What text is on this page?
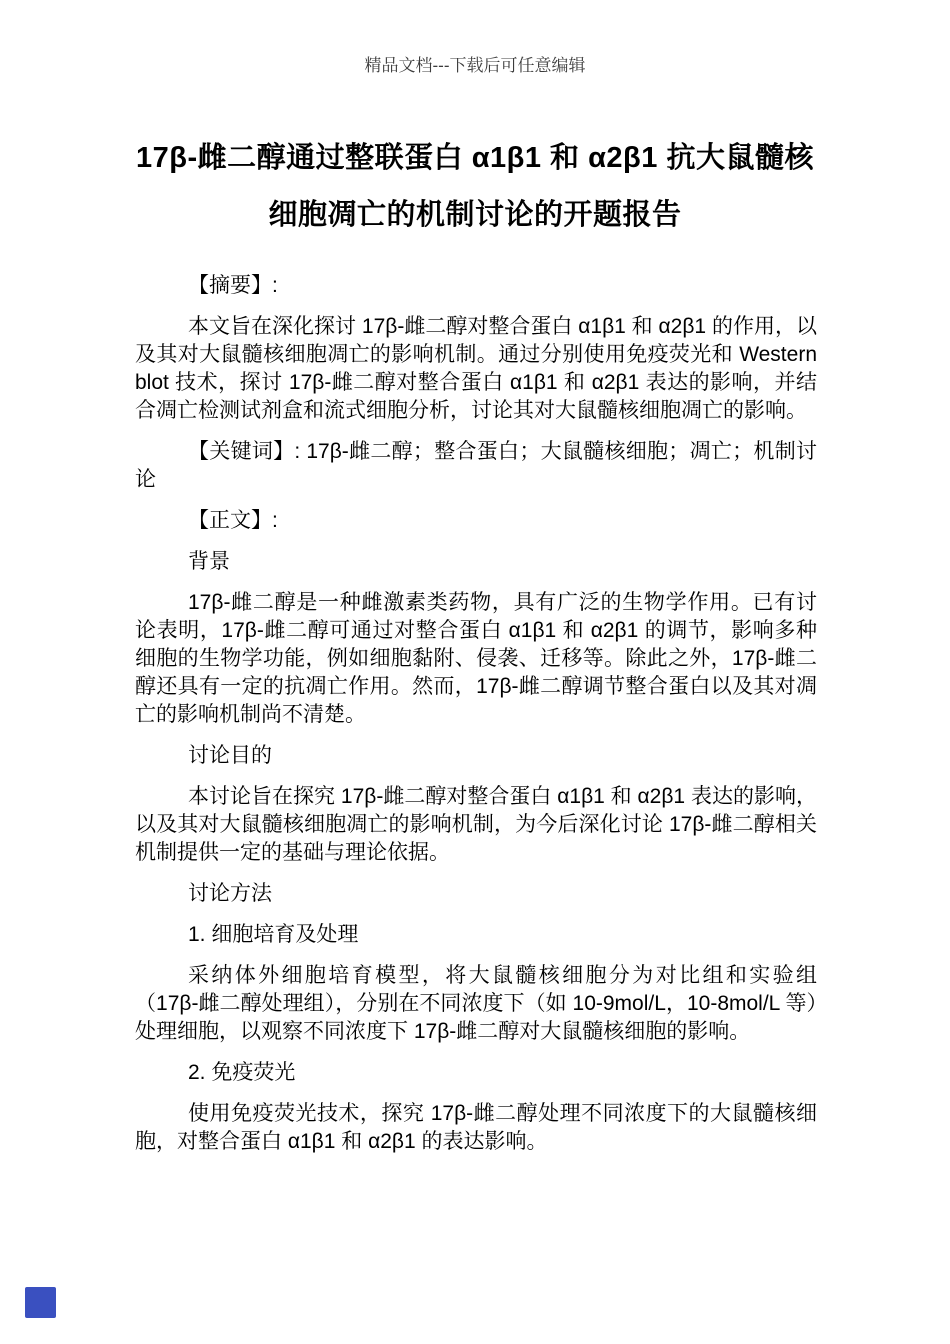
精品文档---下载后可任意编辑
17β-雌二醇通过整联蛋白 α1β1 和 α2β1 抗大鼠髓核
细胞凋亡的机制讨论的开题报告

【摘要】:

本文旨在深化探讨 17β-雌二醇对整合蛋白 α1β1 和 α2β1 的作用，以及其对大鼠髓核细胞凋亡的影响机制。通过分别使用免疫荧光和 Western blot 技术，探讨 17β-雌二醇对整合蛋白 α1β1 和 α2β1 表达的影响，并结合凋亡检测试剂盒和流式细胞分析，讨论其对大鼠髓核细胞凋亡的影响。

【关键词】: 17β-雌二醇；整合蛋白；大鼠髓核细胞；凋亡；机制讨论

【正文】:

背景

17β-雌二醇是一种雌激素类药物，具有广泛的生物学作用。已有讨论表明，17β-雌二醇可通过对整合蛋白 α1β1 和 α2β1 的调节，影响多种细胞的生物学功能，例如细胞黏附、侵袭、迁移等。除此之外，17β-雌二醇还具有一定的抗凋亡作用。然而，17β-雌二醇调节整合蛋白以及其对凋亡的影响机制尚不清楚。

讨论目的

本讨论旨在探究 17β-雌二醇对整合蛋白 α1β1 和 α2β1 表达的影响，以及其对大鼠髓核细胞凋亡的影响机制，为今后深化讨论 17β-雌二醇相关机制提供一定的基础与理论依据。

讨论方法

1. 细胞培育及处理

采纳体外细胞培育模型，将大鼠髓核细胞分为对比组和实验组（17β-雌二醇处理组），分别在不同浓度下（如 10-9mol/L，10-8mol/L 等）处理细胞，以观察不同浓度下 17β-雌二醇对大鼠髓核细胞的影响。

2. 免疫荧光

使用免疫荧光技术，探究 17β-雌二醇处理不同浓度下的大鼠髓核细胞，对整合蛋白 α1β1 和 α2β1 的表达影响。
